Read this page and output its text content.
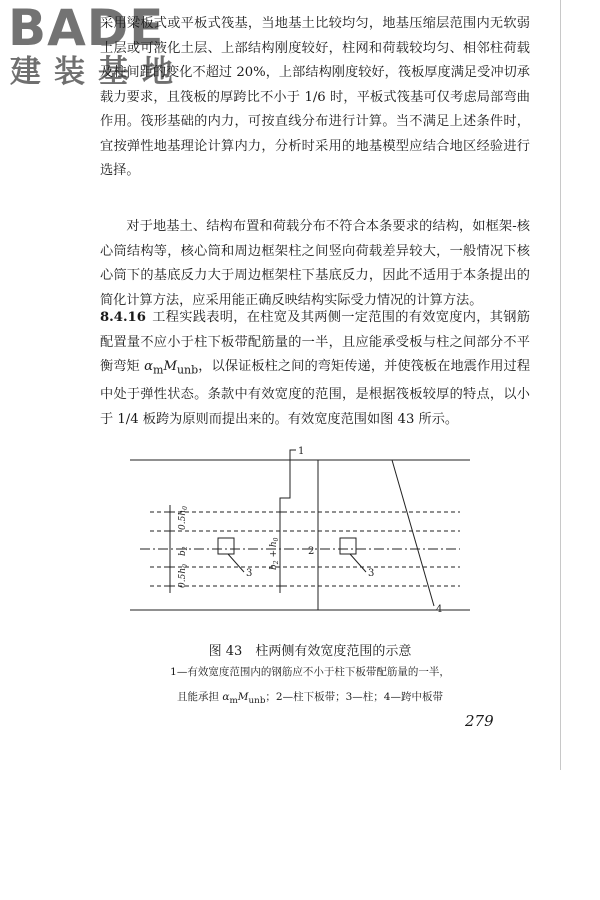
BADE
建装基地

采用梁板式或平板式筏基，当地基土比较均匀，地基压缩层范围内无软弱土层或可液化土层、上部结构刚度较好，柱网和荷载较均匀、相邻柱荷载及柱间距的变化不超过 20%，上部结构刚度较好，筏板厚度满足受冲切承载力要求，且筏板的厚跨比不小于 1/6 时，平板式筏基可仅考虑局部弯曲作用。筏形基础的内力，可按直线分布进行计算。当不满足上述条件时，宜按弹性地基理论计算内力，分析时采用的地基模型应结合地区经验进行选择。

对于地基土、结构布置和荷载分布不符合本条要求的结构，如框架-核心筒结构等，核心筒和周边框架柱之间竖向荷载差异较大，一般情况下核心筒下的基底反力大于周边框架柱下基底反力，因此不适用于本条提出的简化计算方法，应采用能正确反映结构实际受力情况的计算方法。

8.4.16 工程实践表明，在柱宽及其两侧一定范围的有效宽度内，其钢筋配置量不应小于柱下板带配筋量的一半，且应能承受板与柱之间部分不平衡弯矩 $\alpha_mM_{unb}$，以保证板柱之间的弯矩传递，并使筏板在地震作用过程中处于弹性状态。条款中有效宽度的范围，是根据筏板较厚的特点，以小于 1/4 板跨为原则而提出来的。有效宽度范围如图 43 所示。

1
2
3	3
4
$0.5h_0$
$b_2$
$0.5h_0$	$b_2 + h_0$
图 43　柱两侧有效宽度范围的示意
1—有效宽度范围内的钢筋应不小于柱下板带配筋量的一半，
且能承担 $\alpha_mM_{unb}$；2—柱下板带；3—柱；4—跨中板带
279
